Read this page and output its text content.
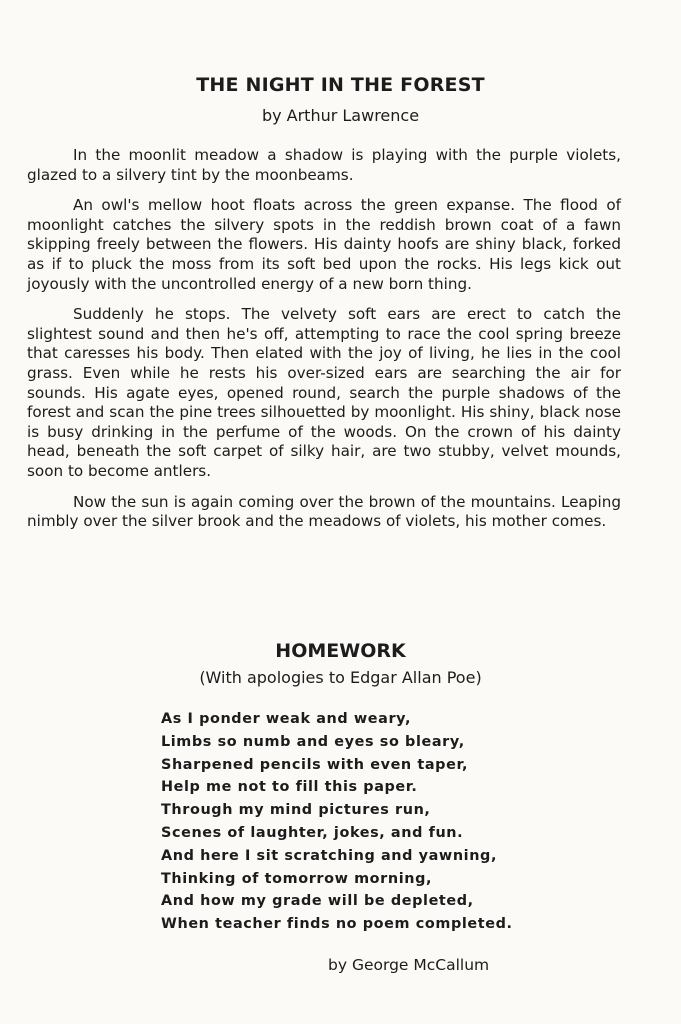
THE NIGHT IN THE FOREST
by Arthur Lawrence

In the moonlit meadow a shadow is playing with the purple violets, glazed to a silvery tint by the moonbeams.

An owl's mellow hoot floats across the green expanse. The flood of moonlight catches the silvery spots in the reddish brown coat of a fawn skipping freely between the flowers. His dainty hoofs are shiny black, forked as if to pluck the moss from its soft bed upon the rocks. His legs kick out joyously with the uncontrolled energy of a new born thing.

Suddenly he stops. The velvety soft ears are erect to catch the slightest sound and then he's off, attempting to race the cool spring breeze that caresses his body. Then elated with the joy of living, he lies in the cool grass. Even while he rests his over-sized ears are searching the air for sounds. His agate eyes, opened round, search the purple shadows of the forest and scan the pine trees silhouetted by moonlight. His shiny, black nose is busy drinking in the perfume of the woods. On the crown of his dainty head, beneath the soft carpet of silky hair, are two stubby, velvet mounds, soon to become antlers.

Now the sun is again coming over the brown of the mountains. Leaping nimbly over the silver brook and the meadows of violets, his mother comes.

HOMEWORK
(With apologies to Edgar Allan Poe)
As I ponder weak and weary,
Limbs so numb and eyes so bleary,
Sharpened pencils with even taper,
Help me not to fill this paper.
Through my mind pictures run,
Scenes of laughter, jokes, and fun.
And here I sit scratching and yawning,
Thinking of tomorrow morning,
And how my grade will be depleted,
When teacher finds no poem completed.
by George McCallum
